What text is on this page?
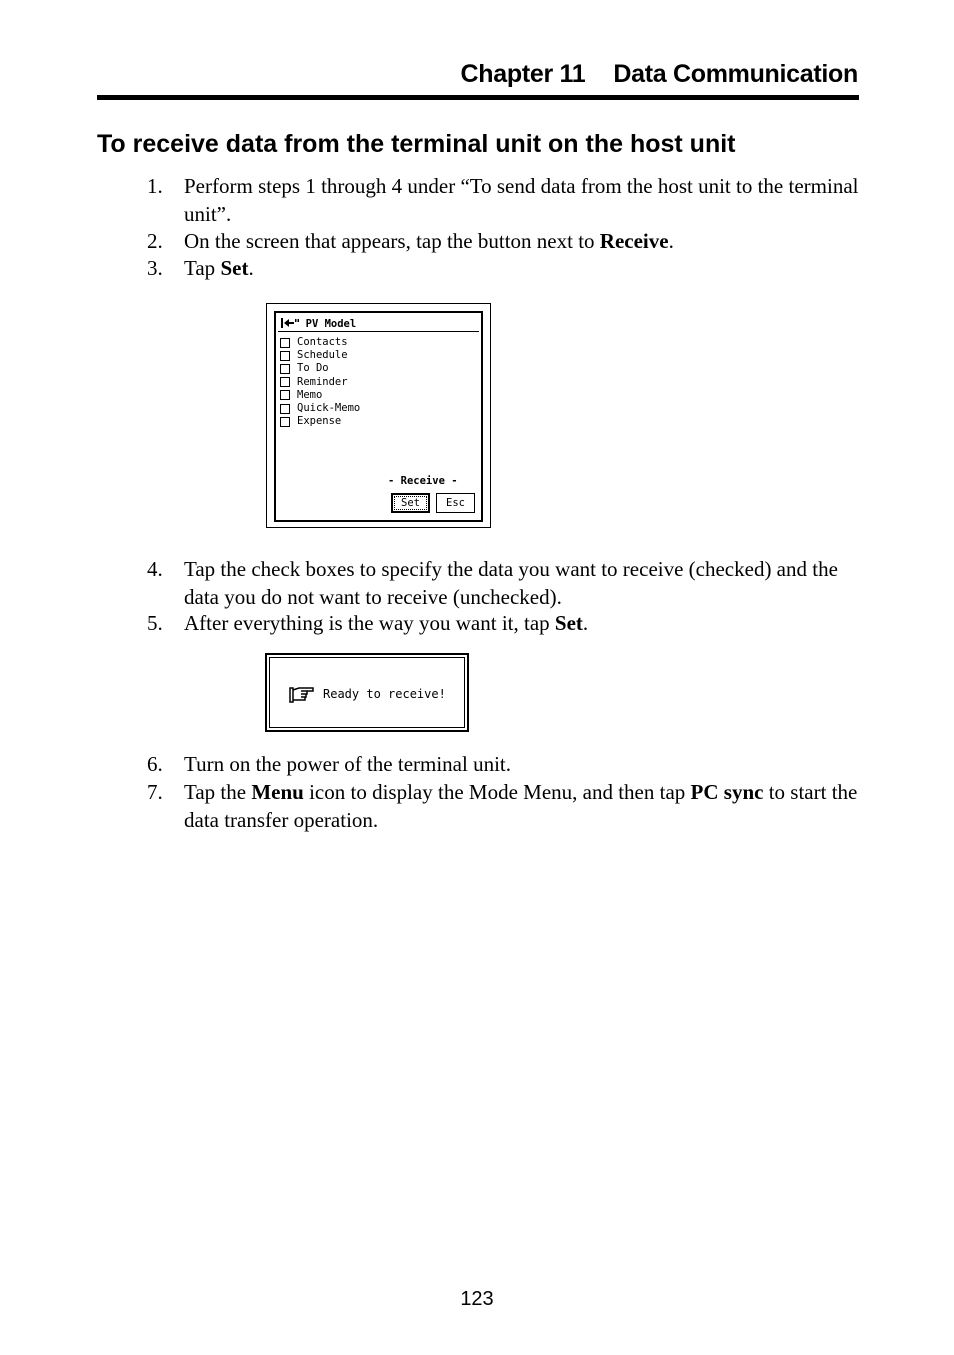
Chapter 11 Data Communication
To receive data from the terminal unit on the host unit
1. Perform steps 1 through 4 under “To send data from the host unit to the terminal unit”.
2. On the screen that appears, tap the button next to Receive.
3. Tap Set.
PV Model
Contacts
Schedule
To Do
Reminder
Memo
Quick-Memo
Expense
- Receive -
Set	Esc
4. Tap the check boxes to specify the data you want to receive (checked) and the data you do not want to receive (unchecked).
5. After everything is the way you want it, tap Set.
Ready to receive!
6. Turn on the power of the terminal unit.
7. Tap the Menu icon to display the Mode Menu, and then tap PC sync to start the data transfer operation.
123
